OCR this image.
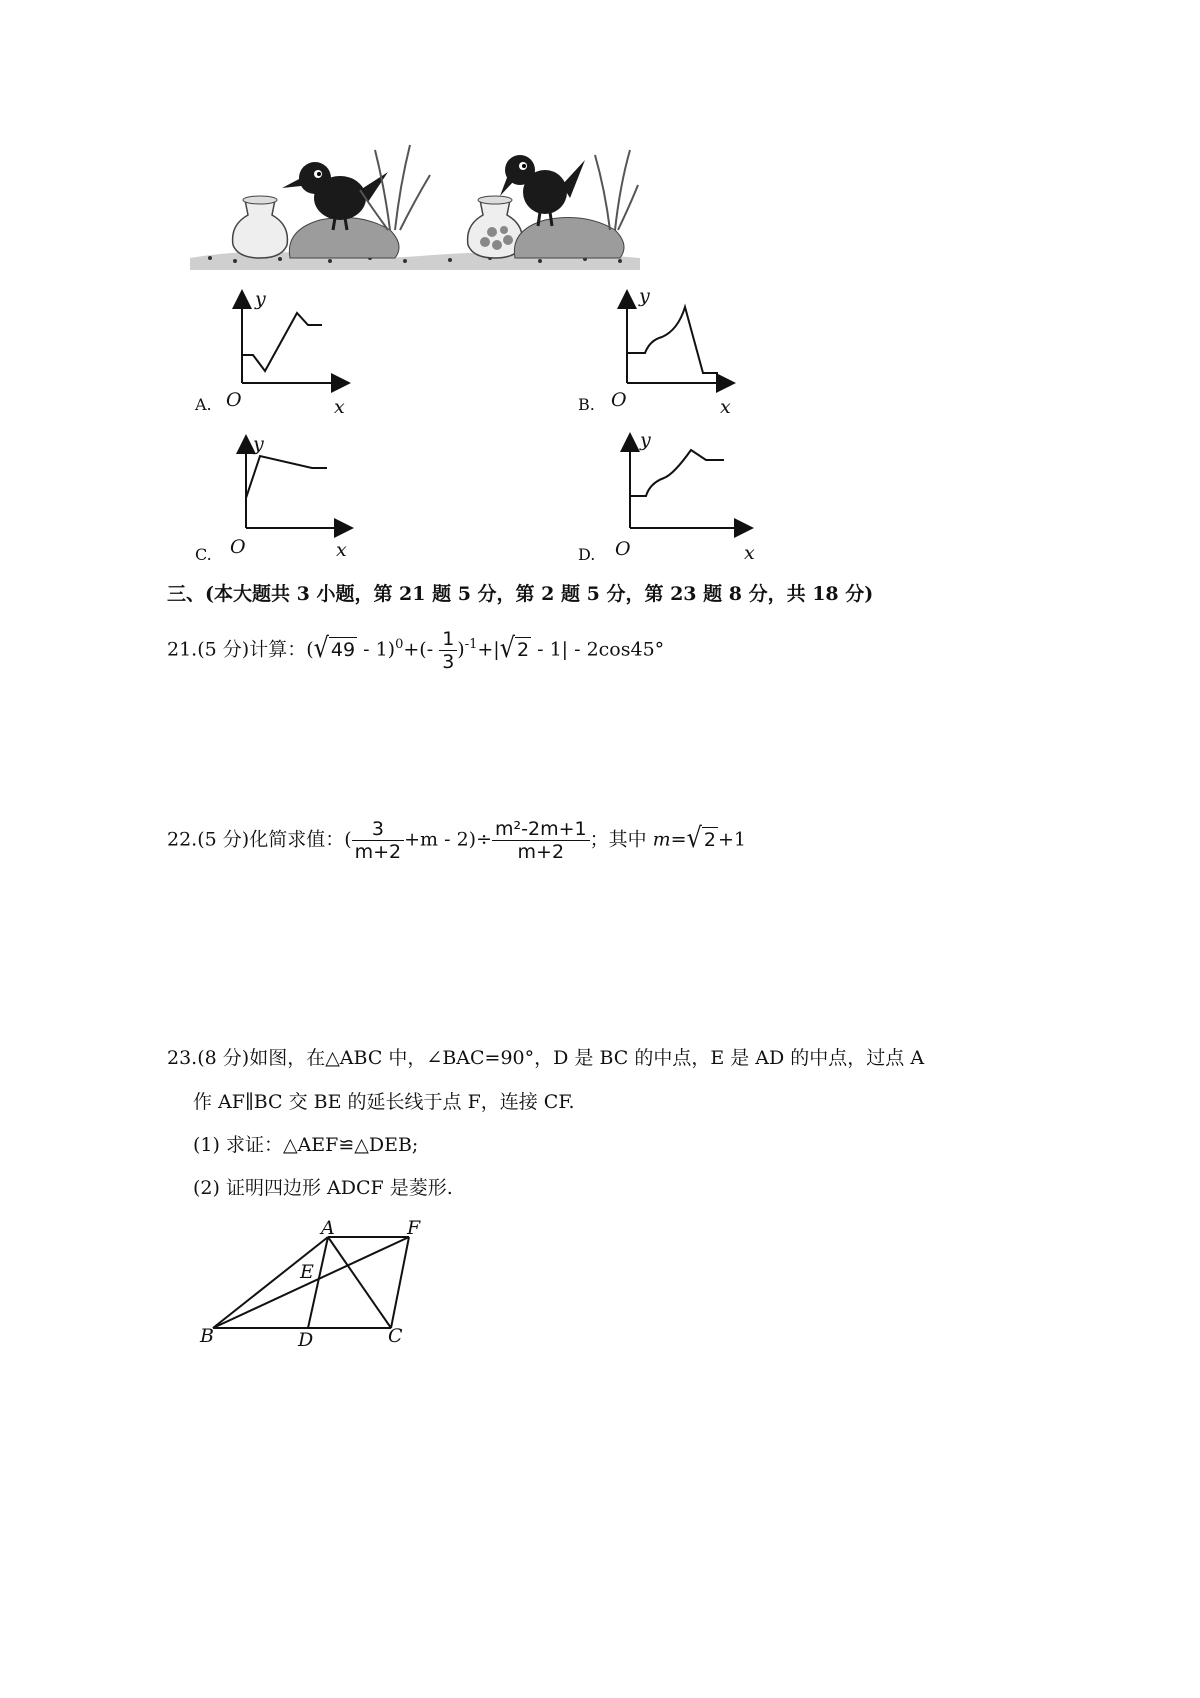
A.
y
x
O	B.
y
x
O
C.
y
x
O	D.
y
x
O
三、(本大题共 3 小题，第 21 题 5 分，第 2 题 5 分，第 23 题 8 分，共 18 分)
21.(5 分)计算：(√ $49 - 1)^0+(- \frac{1}{3} )^{-1}+|√$ 2 - 1| - 2cos45°
22.(5 分)化简求值：( $\frac{3}{m+2} +m - 2)\div \frac{\text{m²-2m+1}}{m+2}$ ；其中 m=√ 2 +1
23.(8 分)如图，在△ABC 中，∠BAC=90°，D 是 BC 的中点，E 是 AD 的中点，过点 A
作 AF∥BC 交 BE 的延长线于点 F，连接 CF.
(1) 求证：△AEF≌△DEB;
(2) 证明四边形 ADCF 是菱形.
A	F
E
B	D	C
